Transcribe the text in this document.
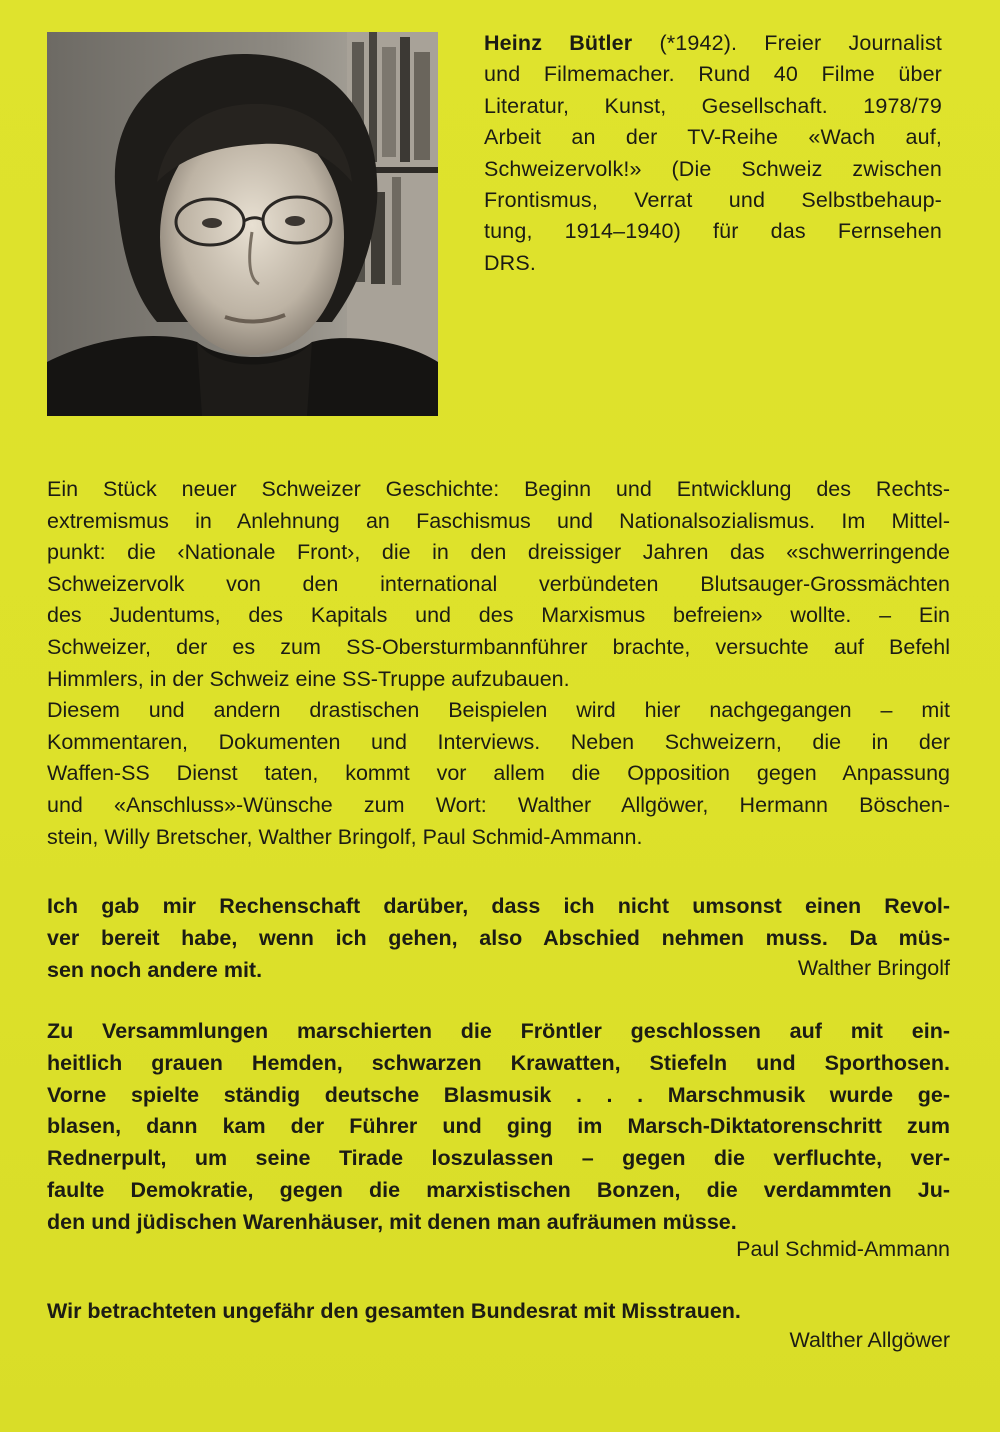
Heinz Bütler (*1942). Freier Journalist
und Filmemacher. Rund 40 Filme über
Literatur, Kunst, Gesellschaft. 1978/79
Arbeit an der TV-Reihe «Wach auf,
Schweizervolk!» (Die Schweiz zwischen
Frontismus, Verrat und Selbstbehaup-
tung, 1914–1940) für das Fernsehen
DRS.
Ein Stück neuer Schweizer Geschichte: Beginn und Entwicklung des Rechts-
extremismus in Anlehnung an Faschismus und Nationalsozialismus. Im Mittel-
punkt: die ‹Nationale Front›, die in den dreissiger Jahren das «schwerringende
Schweizervolk von den international verbündeten Blutsauger-Grossmächten
des Judentums, des Kapitals und des Marxismus befreien» wollte. – Ein
Schweizer, der es zum SS-Obersturmbannführer brachte, versuchte auf Befehl
Himmlers, in der Schweiz eine SS-Truppe aufzubauen.
Diesem und andern drastischen Beispielen wird hier nachgegangen – mit
Kommentaren, Dokumenten und Interviews. Neben Schweizern, die in der
Waffen-SS Dienst taten, kommt vor allem die Opposition gegen Anpassung
und «Anschluss»-Wünsche zum Wort: Walther Allgöwer, Hermann Böschen-
stein, Willy Bretscher, Walther Bringolf, Paul Schmid-Ammann.
Ich gab mir Rechenschaft darüber, dass ich nicht umsonst einen Revol-
ver bereit habe, wenn ich gehen, also Abschied nehmen muss. Da müs-
sen noch andere mit.	Walther Bringolf
Zu Versammlungen marschierten die Fröntler geschlossen auf mit ein-
heitlich grauen Hemden, schwarzen Krawatten, Stiefeln und Sporthosen.
Vorne spielte ständig deutsche Blasmusik . . . Marschmusik wurde ge-
blasen, dann kam der Führer und ging im Marsch-Diktatorenschritt zum
Rednerpult, um seine Tirade loszulassen – gegen die verfluchte, ver-
faulte Demokratie, gegen die marxistischen Bonzen, die verdammten Ju-
den und jüdischen Warenhäuser, mit denen man aufräumen müsse.
Paul Schmid-Ammann
Wir betrachteten ungefähr den gesamten Bundesrat mit Misstrauen.
Walther Allgöwer
